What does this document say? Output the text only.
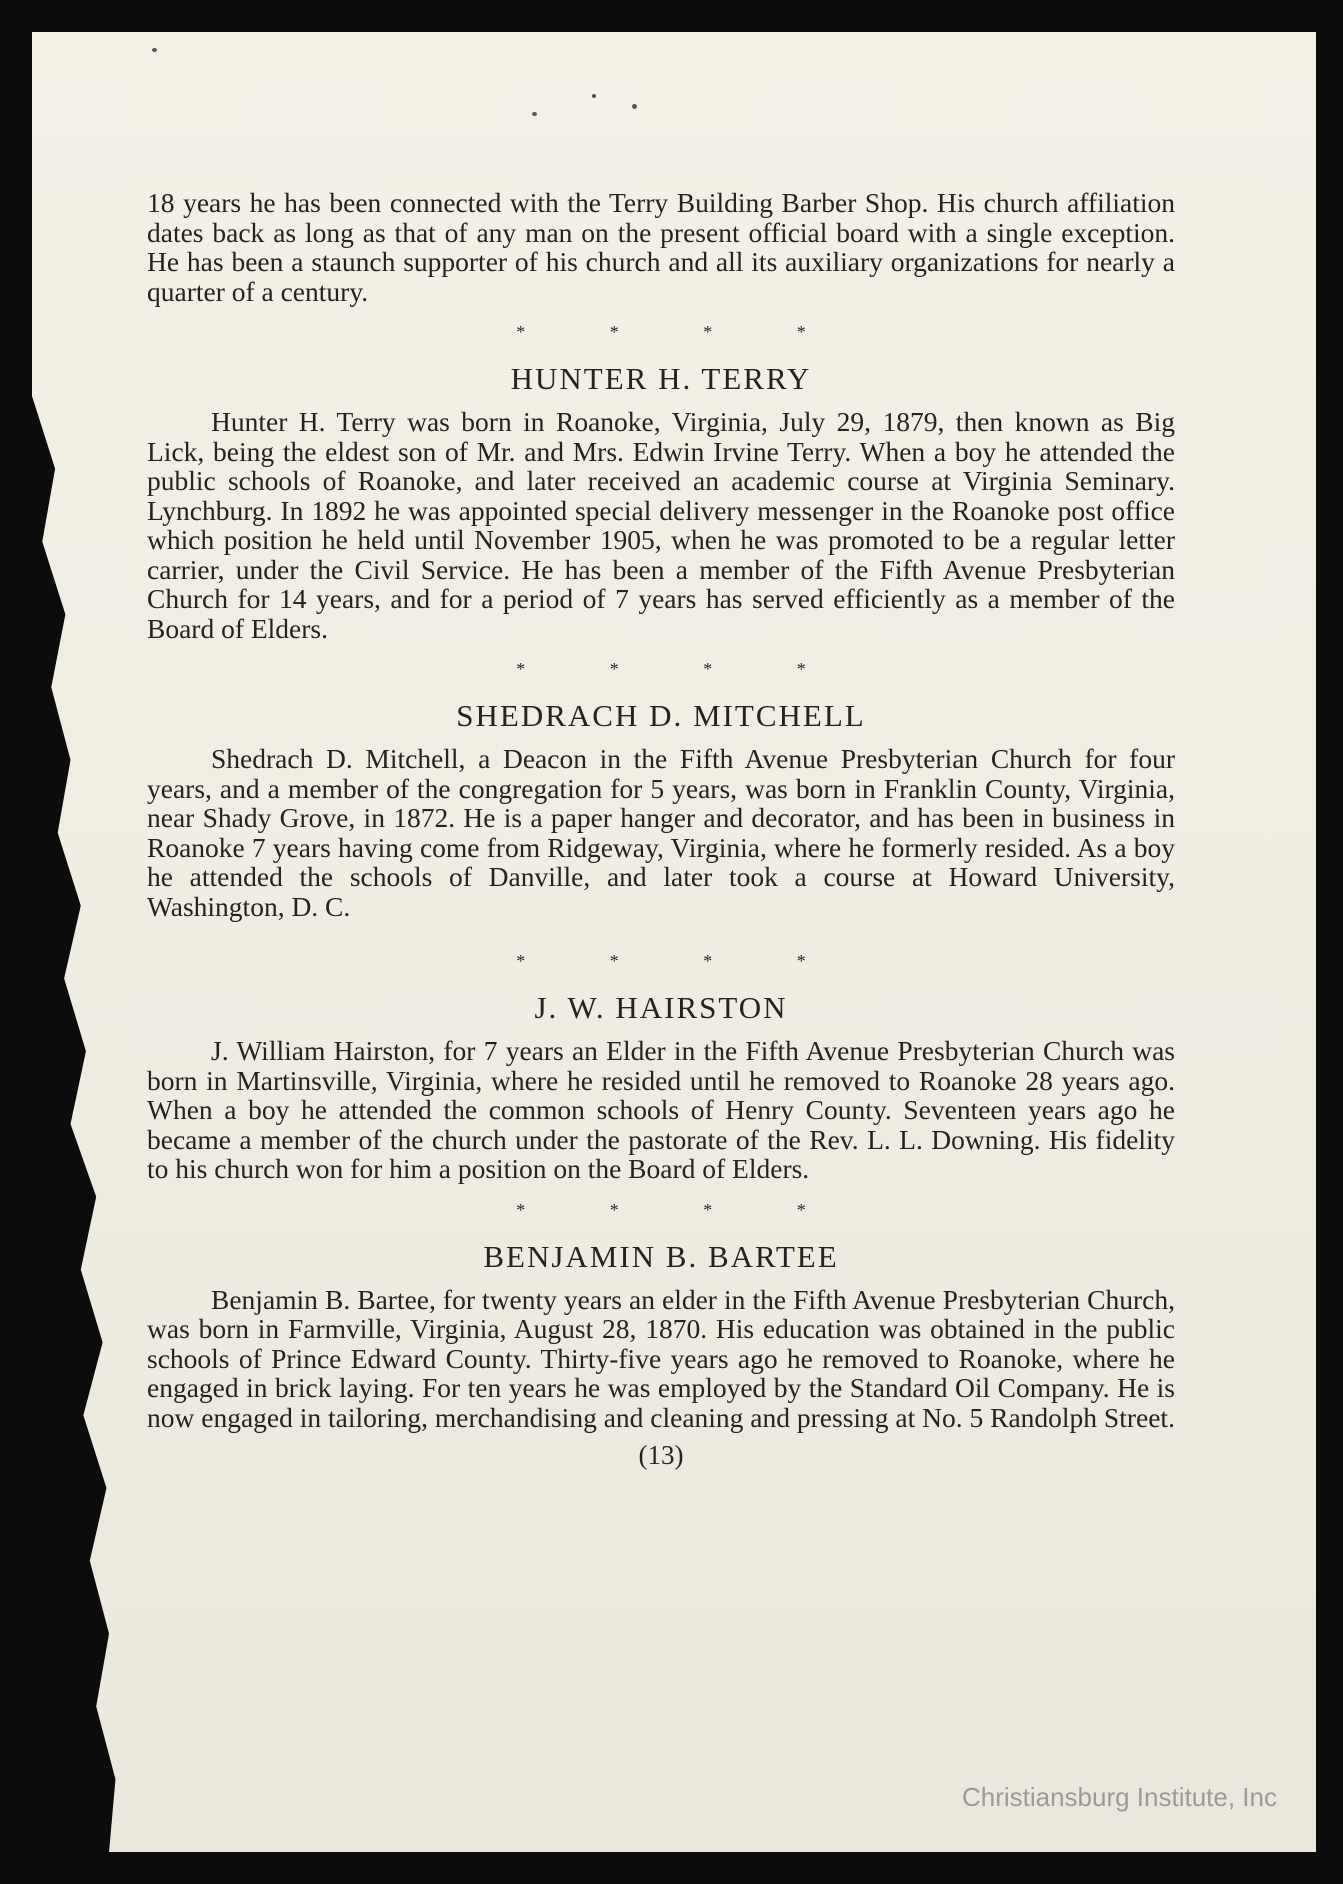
18 years he has been connected with the Terry Building Barber Shop. His church affiliation dates back as long as that of any man on the present official board with a single exception. He has been a staunch supporter of his church and all its auxiliary organizations for nearly a quarter of a century.

* * * *
HUNTER H. TERRY

Hunter H. Terry was born in Roanoke, Virginia, July 29, 1879, then known as Big Lick, being the eldest son of Mr. and Mrs. Edwin Irvine Terry. When a boy he attended the public schools of Roanoke, and later received an academic course at Virginia Seminary. Lynchburg. In 1892 he was appointed special delivery messenger in the Roanoke post office which position he held until November 1905, when he was promoted to be a regular letter carrier, under the Civil Service. He has been a member of the Fifth Avenue Presbyterian Church for 14 years, and for a period of 7 years has served efficiently as a member of the Board of Elders.

* * * *
SHEDRACH D. MITCHELL

Shedrach D. Mitchell, a Deacon in the Fifth Avenue Presbyterian Church for four years, and a member of the congregation for 5 years, was born in Franklin County, Virginia, near Shady Grove, in 1872. He is a paper hanger and decorator, and has been in business in Roanoke 7 years having come from Ridgeway, Virginia, where he formerly resided. As a boy he attended the schools of Danville, and later took a course at Howard University, Washington, D. C.

* * * *
J. W. HAIRSTON

J. William Hairston, for 7 years an Elder in the Fifth Avenue Presbyterian Church was born in Martinsville, Virginia, where he resided until he removed to Roanoke 28 years ago. When a boy he attended the common schools of Henry County. Seventeen years ago he became a member of the church under the pastorate of the Rev. L. L. Downing. His fidelity to his church won for him a position on the Board of Elders.

* * * *
BENJAMIN B. BARTEE

Benjamin B. Bartee, for twenty years an elder in the Fifth Avenue Presbyterian Church, was born in Farmville, Virginia, August 28, 1870. His education was obtained in the public schools of Prince Edward County. Thirty-five years ago he removed to Roanoke, where he engaged in brick laying. For ten years he was employed by the Standard Oil Company. He is now engaged in tailoring, merchandising and cleaning and pressing at No. 5 Randolph Street.

(13)
Christiansburg Institute, Inc
